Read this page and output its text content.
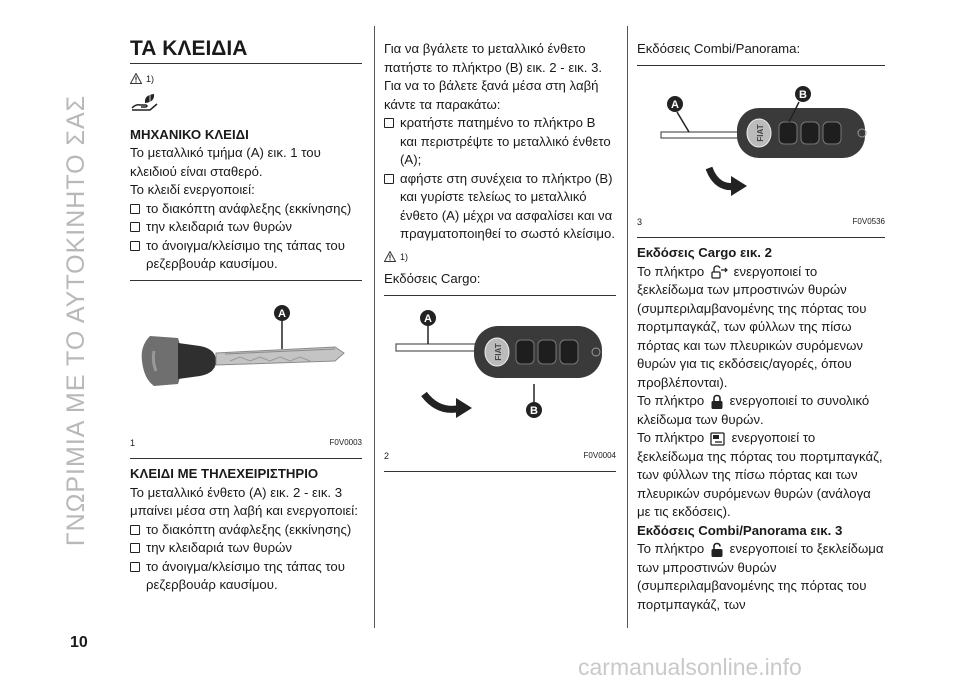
ΓΝΩΡΙΜΙΑ ΜΕ ΤΟ ΑΥΤΟΚΙΝΗΤΟ ΣΑΣ

ΤΑ ΚΛΕΙΔΙΑ

1)

ΜΗΧΑΝΙΚΟ ΚΛΕΙΔΙ

Το μεταλλικό τμήμα (A) εικ. 1 του κλειδιού είναι σταθερό.

Το κλειδί ενεργοποιεί:

το διακόπτη ανάφλεξης (εκκίνησης)
την κλειδαριά των θυρών
το άνοιγμα/κλείσιμο της τάπας του ρεζερβουάρ καυσίμου.
A
1	F0V0003

ΚΛΕΙΔΙ ΜΕ ΤΗΛΕΧΕΙΡΙΣΤΗΡΙΟ

Το μεταλλικό ένθετο (A) εικ. 2 - εικ. 3 μπαίνει μέσα στη λαβή και ενεργοποιεί:

το διακόπτη ανάφλεξης (εκκίνησης)
την κλειδαριά των θυρών
το άνοιγμα/κλείσιμο της τάπας του ρεζερβουάρ καυσίμου.

Για να βγάλετε το μεταλλικό ένθετο πατήστε το πλήκτρο (B) εικ. 2 - εικ. 3.

Για να το βάλετε ξανά μέσα στη λαβή κάντε τα παρακάτω:

κρατήστε πατημένο το πλήκτρο B και περιστρέψτε το μεταλλικό ένθετο (A);
αφήστε στη συνέχεια το πλήκτρο (B) και γυρίστε τελείως το μεταλλικό ένθετο (A) μέχρι να ασφαλίσει και να πραγματοποιηθεί το σωστό κλείσιμο.
1)

Εκδόσεις Cargo:

FIAT
A
B
2	F0V0004

Εκδόσεις Combi/Panorama:

FIAT
A
B
3	F0V0536

Εκδόσεις Cargo εικ. 2

Το πλήκτρο ενεργοποιεί το ξεκλείδωμα των μπροστινών θυρών (συμπεριλαμβανομένης της πόρτας του πορτμπαγκάζ, των φύλλων της πίσω πόρτας και των πλευρικών συρόμενων θυρών για τις εκδόσεις/αγορές, όπου προβλέπονται).

Το πλήκτρο ενεργοποιεί το συνολικό κλείδωμα των θυρών.

Το πλήκτρο ενεργοποιεί το ξεκλείδωμα της πόρτας του πορτμπαγκάζ, των φύλλων της πίσω πόρτας και των πλευρικών συρόμενων θυρών (ανάλογα με τις εκδόσεις).

Εκδόσεις Combi/Panorama εικ. 3

Το πλήκτρο ενεργοποιεί το ξεκλείδωμα των μπροστινών θυρών (συμπεριλαμβανομένης της πόρτας του πορτμπαγκάζ, των

10
carmanualsonline.info
